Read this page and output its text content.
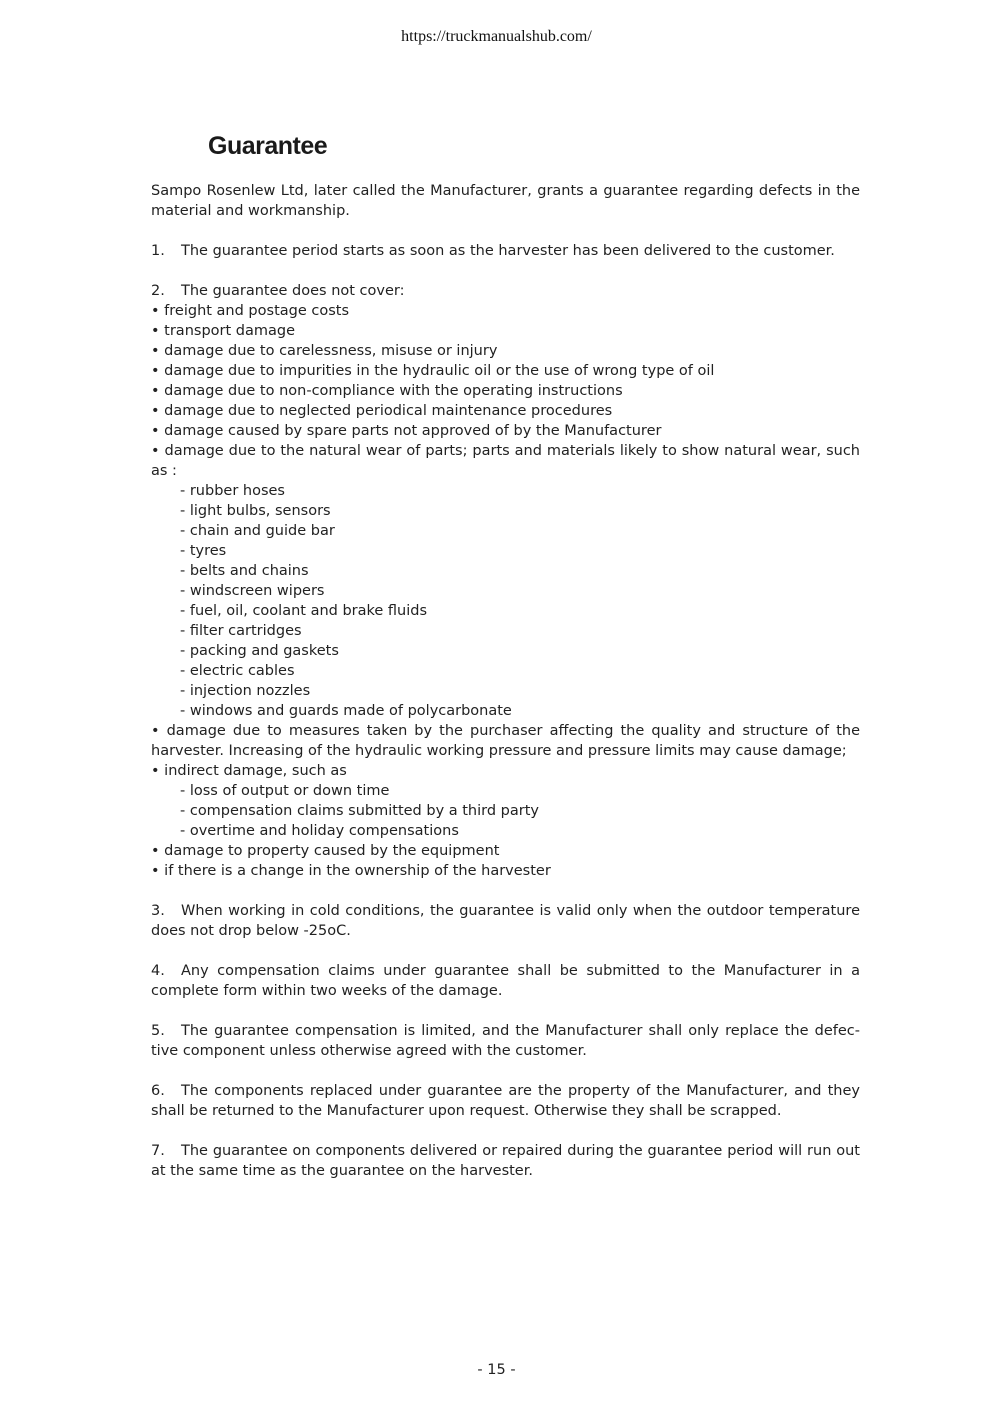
https://truckmanualshub.com/
Guarantee

Sampo Rosenlew Ltd, later called the Manufacturer, grants a guarantee regarding defects in the material and workmanship.

1. The guarantee period starts as soon as the harvester has been delivered to the customer.

2. The guarantee does not cover:

• freight and postage costs

• transport damage

• damage due to carelessness, misuse or injury

• damage due to impurities in the hydraulic oil or the use of wrong type of oil

• damage due to non-compliance with the operating instructions

• damage due to neglected periodical maintenance procedures

• damage caused by spare parts not approved of by the Manufacturer

• damage due to the natural wear of parts; parts and materials likely to show natural wear, such as :

- rubber hoses

- light bulbs, sensors

- chain and guide bar

- tyres

- belts and chains

- windscreen wipers

- fuel, oil, coolant and brake fluids

- filter cartridges

- packing and gaskets

- electric cables

- injection nozzles

- windows and guards made of polycarbonate

• damage due to measures taken by the purchaser affecting the quality and structure of the harvester. Increasing of the hydraulic working pressure and pressure limits may cause damage;

• indirect damage, such as

- loss of output or down time

- compensation claims submitted by a third party

- overtime and holiday compensations

• damage to property caused by the equipment

• if there is a change in the ownership of the harvester

3. When working in cold conditions, the guarantee is valid only when the outdoor temperature does not drop below -25oC.

4. Any compensation claims under guarantee shall be submitted to the Manufacturer in a complete form within two weeks of the damage.

5. The guarantee compensation is limited, and the Manufacturer shall only replace the defec-tive component unless otherwise agreed with the customer.

6. The components replaced under guarantee are the property of the Manufacturer, and they shall be returned to the Manufacturer upon request. Otherwise they shall be scrapped.

7. The guarantee on components delivered or repaired during the guarantee period will run out at the same time as the guarantee on the harvester.

- 15 -
